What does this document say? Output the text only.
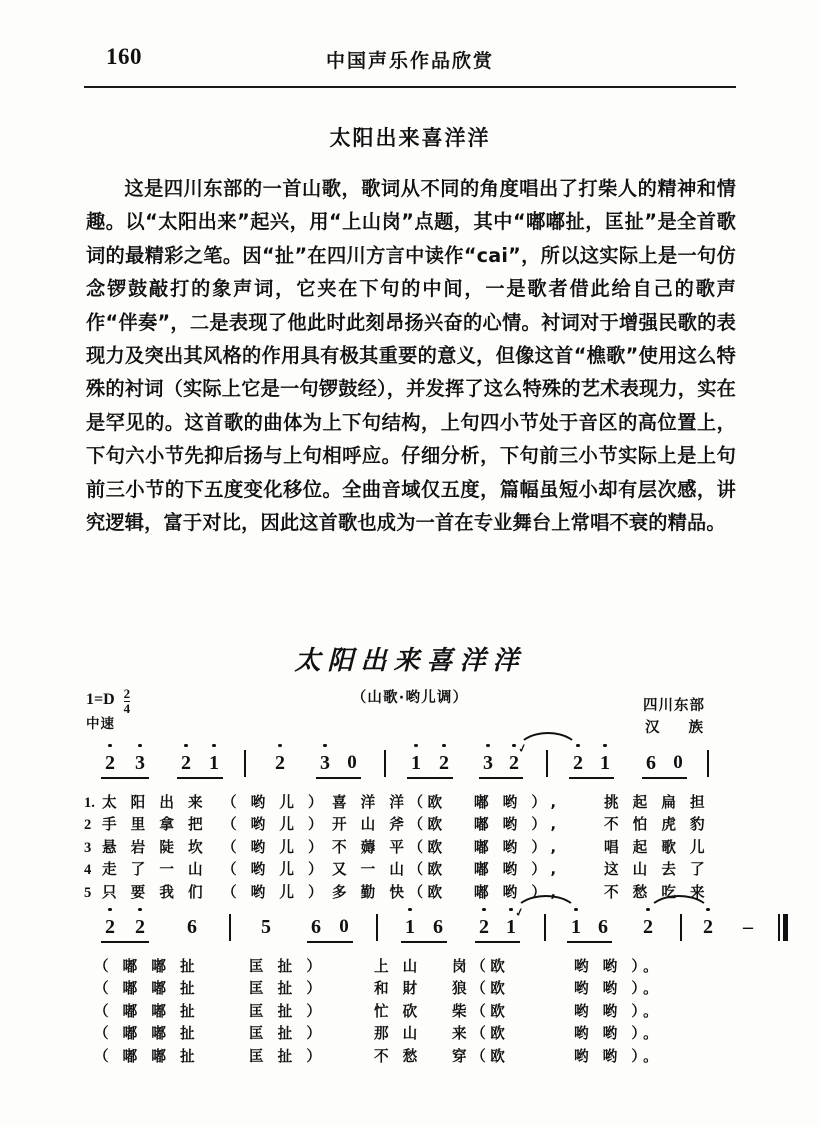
160	中国声乐作品欣赏
太阳出来喜洋洋

这是四川东部的一首山歌，歌词从不同的角度唱出了打柴人的精神和情趣。以“太阳出来”起兴，用“上山岗”点题，其中“嘟嘟扯，匡扯”是全首歌词的最精彩之笔。因“扯”在四川方言中读作“cai”，所以这实际上是一句仿念锣鼓敲打的象声词，它夹在下句的中间，一是歌者借此给自己的歌声作“伴奏”，二是表现了他此时此刻昂扬兴奋的心情。衬词对于增强民歌的表现力及突出其风格的作用具有极其重要的意义，但像这首“樵歌”使用这么特殊的衬词（实际上它是一句锣鼓经），并发挥了这么特殊的艺术表现力，实在是罕见的。这首歌的曲体为上下句结构，上句四小节处于音区的高位置上，下句六小节先抑后扬与上句相呼应。仔细分析，下句前三小节实际上是上句前三小节的下五度变化移位。全曲音域仅五度，篇幅虽短小却有层次感，讲究逻辑，富于对比，因此这首歌也成为一首在专业舞台上常唱不衰的精品。

太阳出来喜洋洋
（山歌·哟儿调）
$1=D \frac{2}{4}$
中速
四川东部
汉 族
2 3 2 1	2 3 0	1 2 3 2
✓
2 1 6 0
1. 太 阳 出 来 （ 哟 儿 ） 喜 洋 洋（欧 嘟 哟 ）,	挑 起 扁 担
2 手 里 拿 把 （ 哟 儿 ） 开 山 斧（欧 嘟 哟 ）,	不 怕 虎 豹
3 悬 岩 陡 坎 （ 哟 儿 ） 不 薅 平（欧 嘟 哟 ）,	唱 起 歌 儿
4 走 了 一 山 （ 哟 儿 ） 又 一 山（欧 嘟 哟 ）,	这 山 去 了
5 只 要 我 们 （ 哟 儿 ） 多 勤 快（欧 嘟 哟 ）,	不 愁 吃 来
2 2 6	5 6 0	1 6 2 1
✓
1 6 2	2 –
（ 嘟 嘟 扯	匡 扯 ）	上 山 岗（欧	哟 哟 ）。
（ 嘟 嘟 扯	匡 扯 ）	和 財 狼（欧	哟 哟 ）。
（ 嘟 嘟 扯	匡 扯 ）	忙 砍 柴（欧	哟 哟 ）。
（ 嘟 嘟 扯	匡 扯 ）	那 山 来（欧	哟 哟 ）。
（ 嘟 嘟 扯	匡 扯 ）	不 愁 穿（欧	哟 哟 ）。
